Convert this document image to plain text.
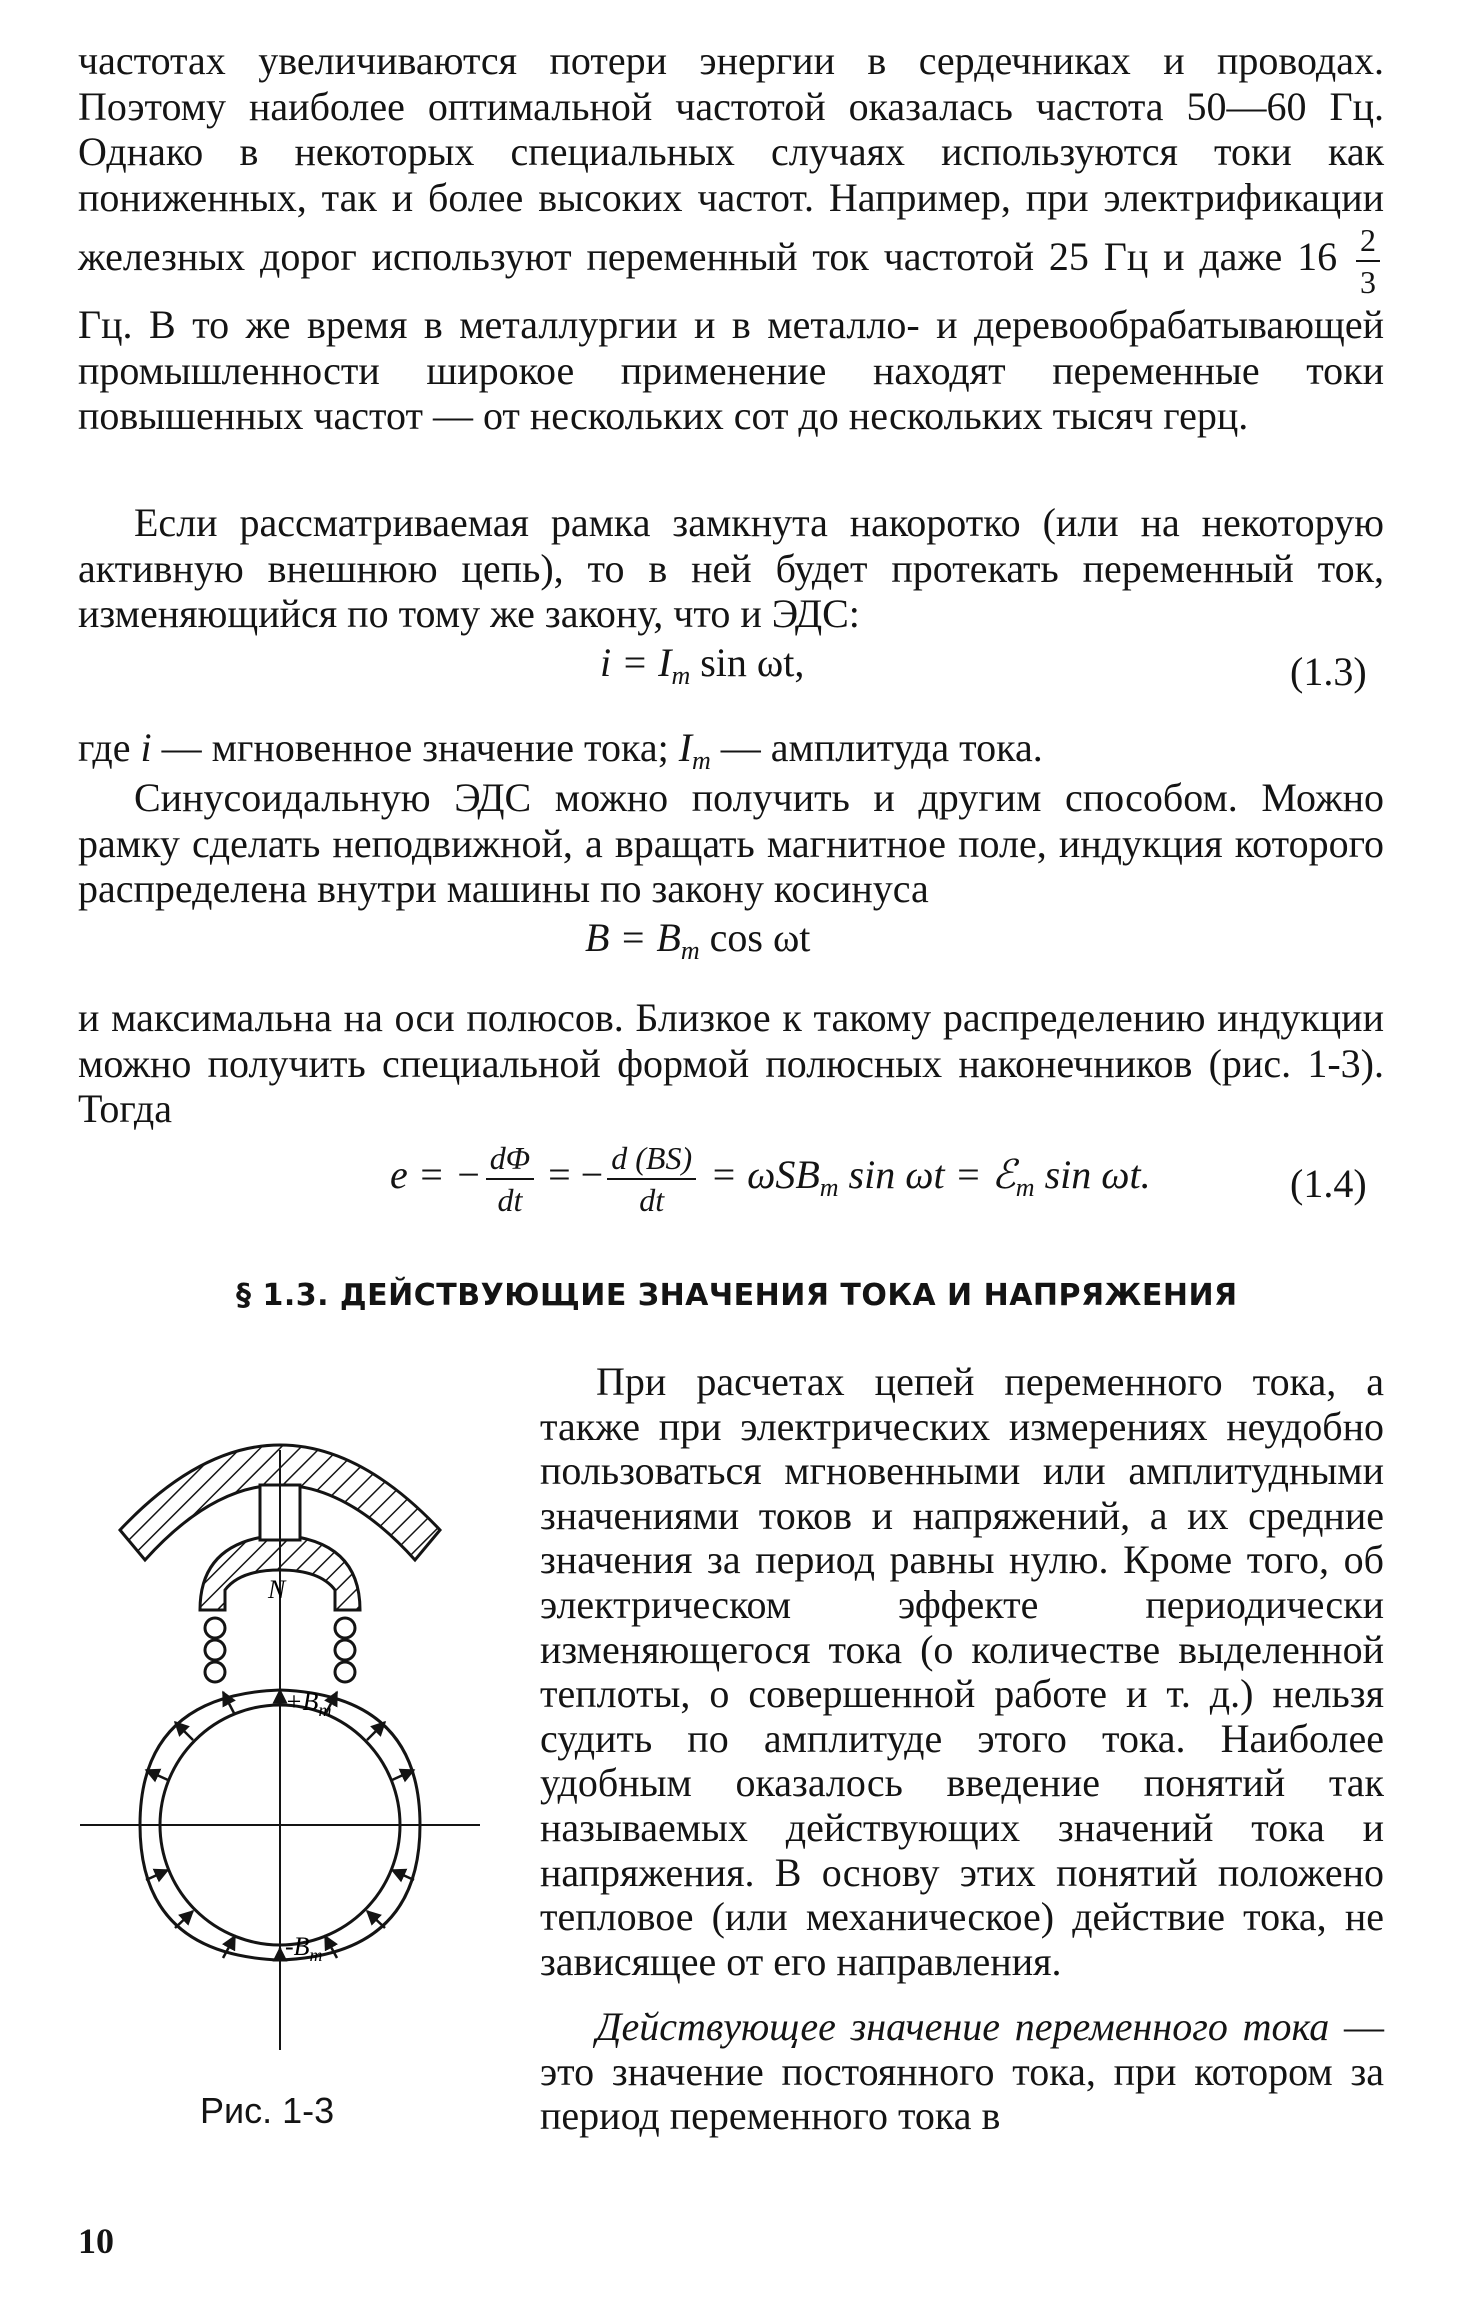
частотах увеличиваются потери энергии в сердечниках и проводах. Поэтому наиболее оптимальной частотой оказалась частота 50—60 Гц. Однако в некоторых специальных случаях используются токи как пониженных, так и более высоких частот. Например, при электрификации железных дорог используют переменный ток частотой 25 Гц и даже $16 \frac{2}{3}$
Гц. В то же время в металлургии и в металло- и деревообрабатывающей промышленности широкое применение находят переменные токи повышенных частот — от нескольких сот до нескольких тысяч герц.

Если рассматриваемая рамка замкнута накоротко (или на некоторую активную внешнюю цепь), то в ней будет протекать переменный ток, изменяющийся по тому же закону, что и ЭДС:

$i = I_m$ sin ωt,	(1.3)

где i — мгновенное значение тока; $I_m$ — амплитуда тока.

Синусоидальную ЭДС можно получить и другим способом. Можно рамку сделать неподвижной, а вращать магнитное поле, индукция которого распределена внутри машины по закону косинуса

$B = B_m$ cos ωt

и максимальна на оси полюсов. Близкое к такому распределению индукции можно получить специальной формой полюсных наконечников (рис. 1-3). Тогда

e = − $\frac{d\Phi}{dt}$ = − $\frac{d (BS)}{dt} = \omega SB_m$ sin ωt = ℰ$_m$ sin ωt.	(1.4)
§ 1.3. ДЕЙСТВУЮЩИЕ ЗНАЧЕНИЯ ТОКА И НАПРЯЖЕНИЯ

При расчетах цепей переменного тока, а также при электрических измерениях неудобно пользоваться мгновенными или амплитудными значениями токов и напряжений, а их средние значения за период равны нулю. Кроме того, об электрическом эффекте периодически изменяющегося тока (о количестве выделенной теплоты, о совершенной работе и т. д.) нельзя судить по амплитуде этого тока. Наиболее удобным оказалось введение понятий так называемых действующих значений тока и напряжения. В основу этих понятий положено тепловое (или механическое) действие тока, не зависящее от его направления.

Действующее значение переменного тока — это значение постоянного тока, при котором за период переменного тока в

N
$+B_m$
$-B_m$
Рис. 1-3
10
